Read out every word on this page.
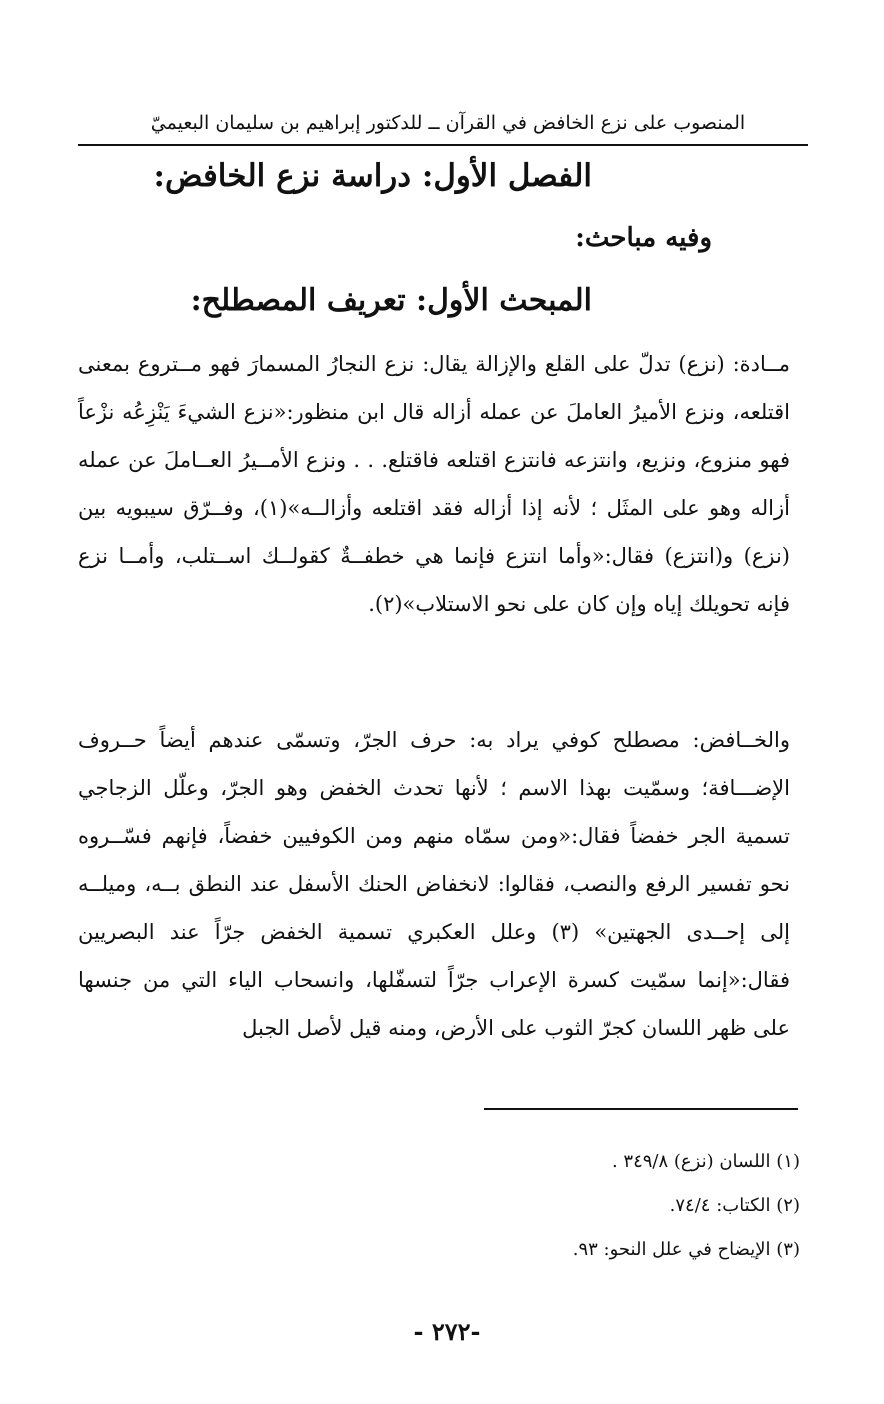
المنصوب على نزع الخافض في القرآن ــ للدكتور إبراهيم بن سليمان البعيميّ
الفصل الأول: دراسة نزع الخافض:
وفيه مباحث:
المبحث الأول: تعريف المصطلح:

مــادة: (نزع) تدلّ على القلع والإزالة يقال: نزع النجارُ المسمارَ فهو مــتروع بمعنى اقتلعه، ونزع الأميرُ العاملَ عن عمله أزاله قال ابن منظور:«نزع الشيءَ يَنْزِعُه نزْعاً فهو منزوع، ونزيع، وانتزعه فانتزع اقتلعه فاقتلع. . . ونزع الأمــيرُ العــاملَ عن عمله أزاله وهو على المثَل ؛ لأنه إذا أزاله فقد اقتلعه وأزالــه»(١)، وفــرّق سيبويه بين (نزع) و(انتزع) فقال:«وأما انتزع فإنما هي خطفــةٌ كقولــك اســتلب، وأمــا نزع فإنه تحويلك إياه وإن كان على نحو الاستلاب»(٢).

والخــافض: مصطلح كوفي يراد به: حرف الجرّ، وتسمّى عندهم أيضاً حــروف الإضـــافة؛ وسمّيت بهذا الاسم ؛ لأنها تحدث الخفض وهو الجرّ، وعلّل الزجاجي تسمية الجر خفضاً فقال:«ومن سمّاه منهم ومن الكوفيين خفضاً، فإنهم فسّــروه نحو تفسير الرفع والنصب، فقالوا: لانخفاض الحنك الأسفل عند النطق بــه، وميلــه إلى إحــدى الجهتين» (٣) وعلل العكبري تسمية الخفض جرّاً عند البصريين فقال:«إنما سمّيت كسرة الإعراب جرّاً لتسفّلها، وانسحاب الياء التي من جنسها على ظهر اللسان كجرّ الثوب على الأرض، ومنه قيل لأصل الجبل

(١) اللسان (نزع) ٣٤٩/٨ .
(٢) الكتاب: ٧٤/٤.
(٣) الإيضاح في علل النحو: ٩٣.
-٢٧٢ -
